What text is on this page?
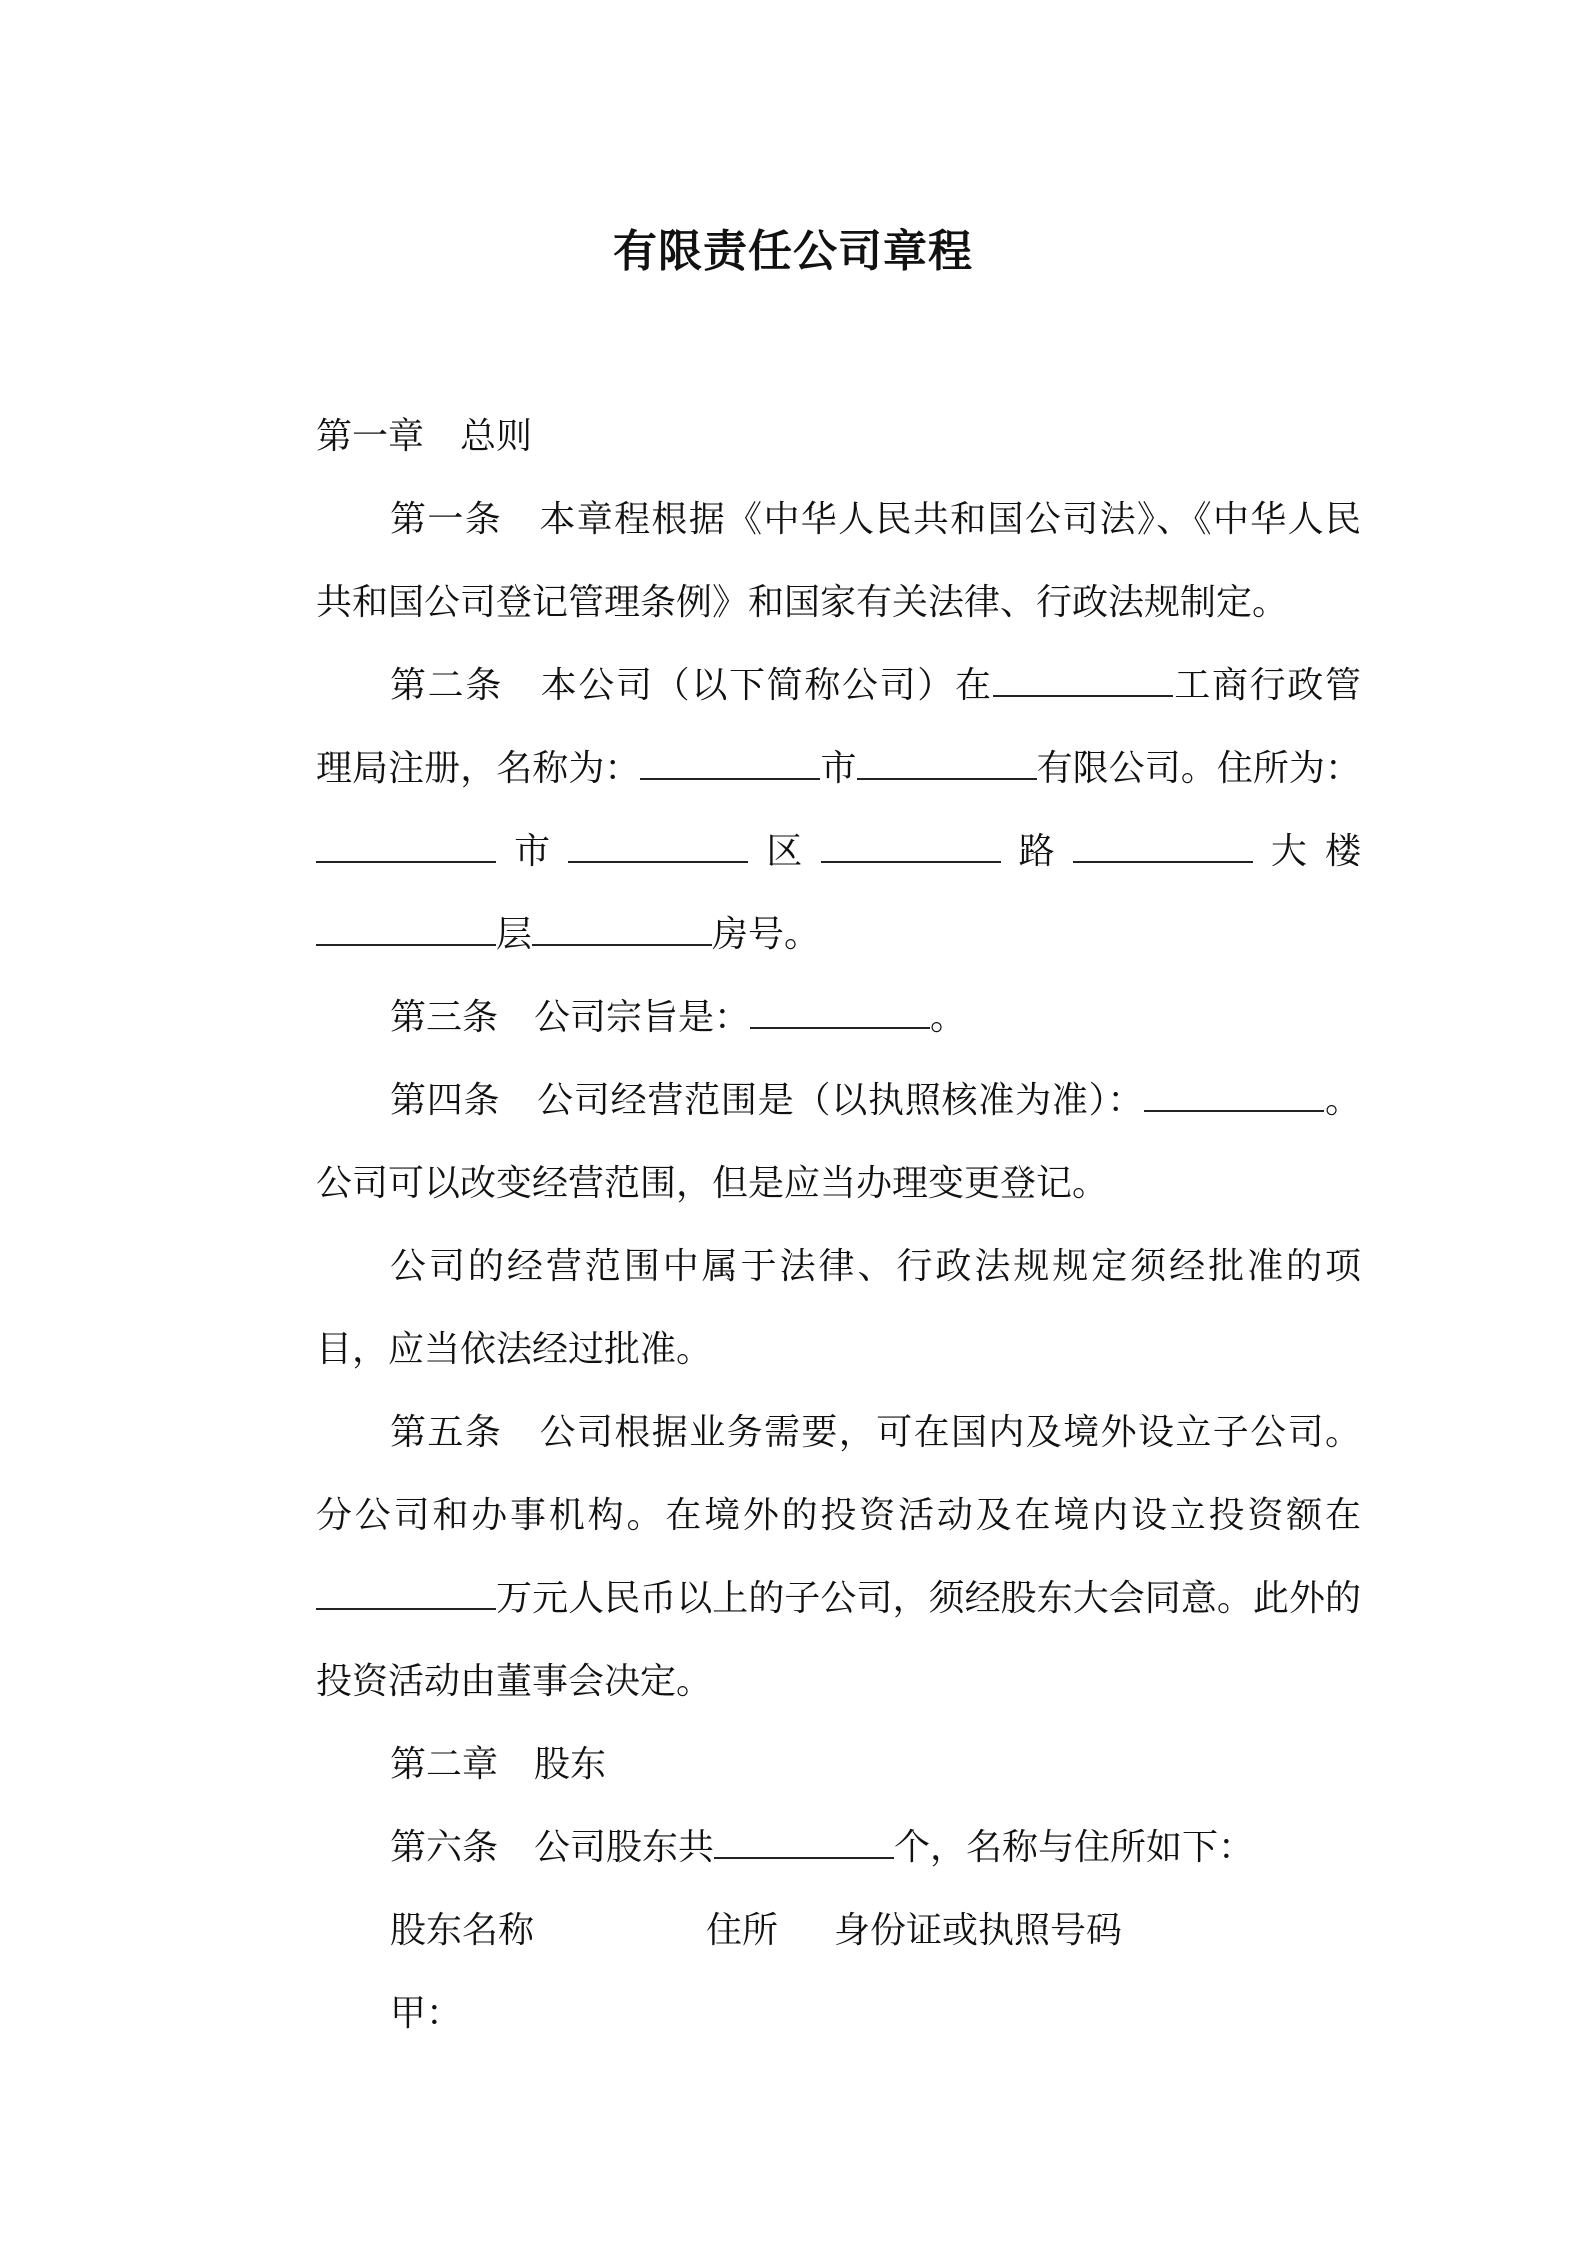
有限责任公司章程

第一章 总则

第一条 本章程根据《中华人民共和国公司法》、《中华人民共和国公司登记管理条例》和国家有关法律、行政法规制定。

第二条 本公司（以下简称公司）在	工商行政管理局注册，名称为：	市	有限公司。住所为：市	区	路	大楼层	房号。

第三条 公司宗旨是：	。

第四条 公司经营范围是（以执照核准为准）：	。公司可以改变经营范围，但是应当办理变更登记。

公司的经营范围中属于法律、行政法规规定须经批准的项目，应当依法经过批准。

第五条 公司根据业务需要，可在国内及境外设立子公司。分公司和办事机构。在境外的投资活动及在境内设立投资额在万元人民币以上的子公司，须经股东大会同意。此外的投资活动由董事会决定。

第二章 股东

第六条 公司股东共	个，名称与住所如下：

股东名称	住所	身份证或执照号码

甲：
